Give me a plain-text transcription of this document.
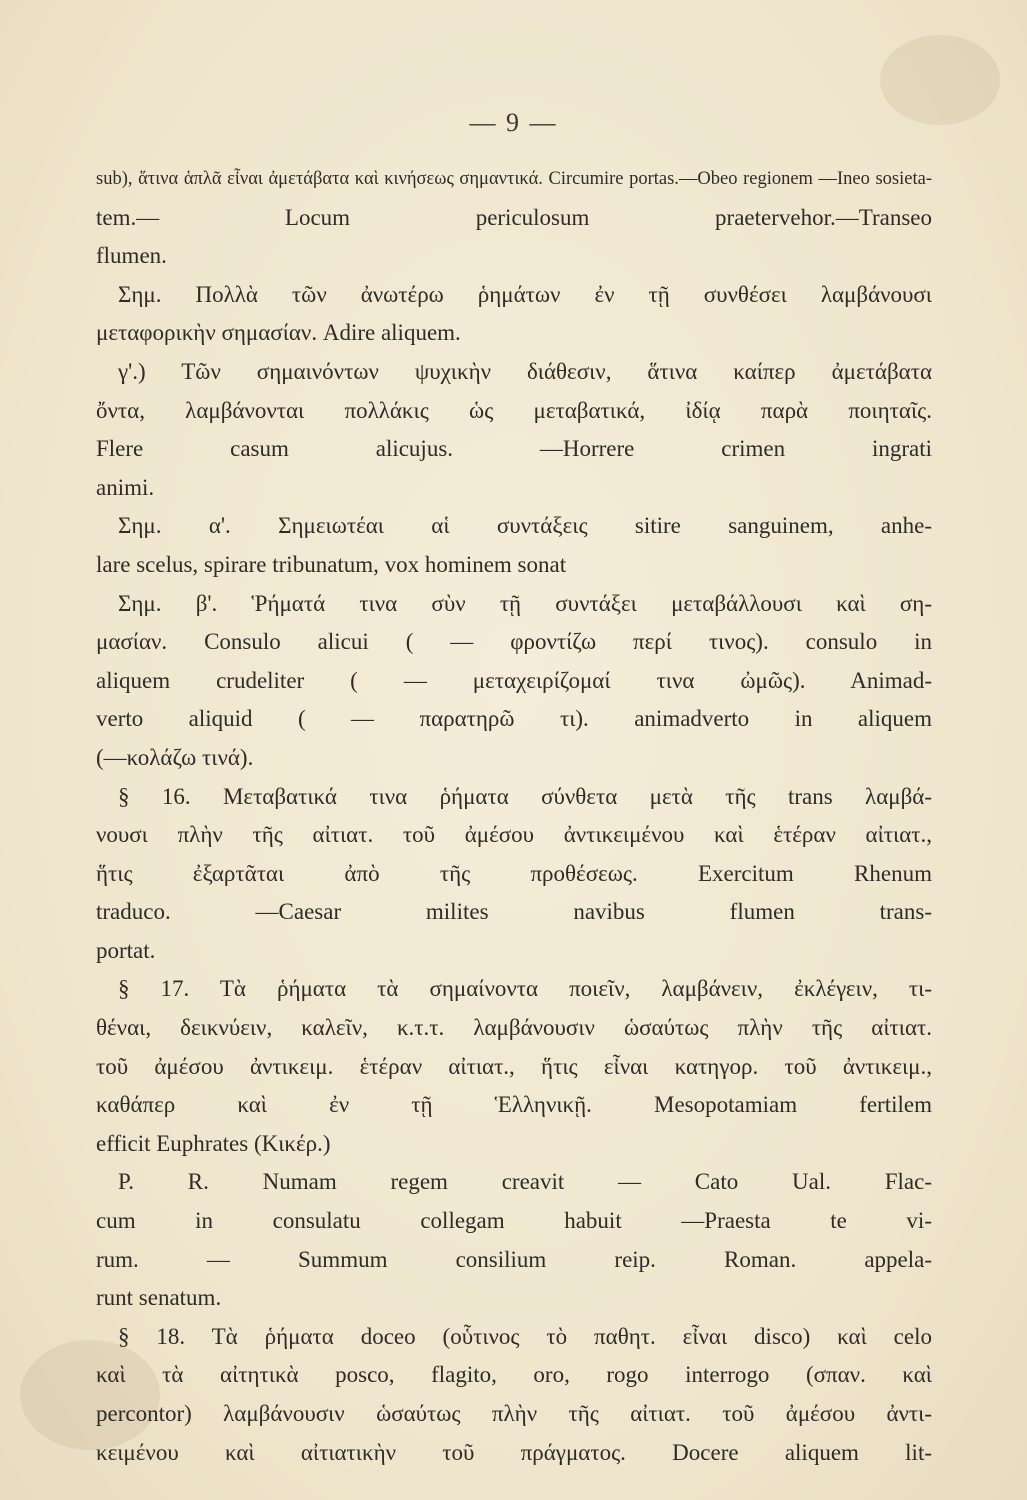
— 9 —
sub), ἅτινα ἁπλᾶ εἶναι ἀμετάβατα καὶ κινήσεως σημαντικά. Circumire portas.—Obeo regionem —Ineo sosieta-
tem.— Locum periculosum praetervehor.—Transeo
flumen.
Σημ. Πολλὰ τῶν ἀνωτέρω ῥημάτων ἐν τῇ συνθέσει λαμβάνουσι
μεταφορικὴν σημασίαν. Adire aliquem.
γ'.) Τῶν σημαινόντων ψυχικὴν διάθεσιν, ἅτινα καίπερ ἀμετάβατα
ὄντα, λαμβάνονται πολλάκις ὡς μεταβατικά, ἰδίᾳ παρὰ ποιηταῖς.
Flere casum alicujus. —Horrere crimen ingrati
animi.
Σημ. α'. Σημειωτέαι αἱ συντάξεις sitire sanguinem, anhe-
lare scelus, spirare tribunatum, vox hominem sonat
Σημ. β'. Ῥήματά τινα σὺν τῇ συντάξει μεταβάλλουσι καὶ ση-
μασίαν. Consulo alicui ( — φροντίζω περί τινος). consulo in
aliquem crudeliter ( — μεταχειρίζομαί τινα ὠμῶς). Animad-
verto aliquid ( — παρατηρῶ τι). animadverto in aliquem
(—κολάζω τινά).
§ 16. Μεταβατικά τινα ῥήματα σύνθετα μετὰ τῆς trans λαμβά-
νουσι πλὴν τῆς αἰτιατ. τοῦ ἀμέσου ἀντικειμένου καὶ ἑτέραν αἰτιατ.,
ἥτις ἐξαρτᾶται ἀπὸ τῆς προθέσεως. Exercitum Rhenum
traduco. —Caesar milites navibus flumen trans-
portat.
§ 17. Τὰ ῥήματα τὰ σημαίνοντα ποιεῖν, λαμβάνειν, ἐκλέγειν, τι-
θέναι, δεικνύειν, καλεῖν, κ.τ.τ. λαμβάνουσιν ὡσαύτως πλὴν τῆς αἰτιατ.
τοῦ ἀμέσου ἀντικειμ. ἑτέραν αἰτιατ., ἥτις εἶναι κατηγορ. τοῦ ἀντικειμ.,
καθάπερ καὶ ἐν τῇ Ἑλληνικῇ. Mesopotamiam fertilem
efficit Euphrates (Κικέρ.)
P. R. Numam regem creavit — Cato Ual. Flac-
cum in consulatu collegam habuit —Praesta te vi-
rum. — Summum consilium reip. Roman. appela-
runt senatum.
§ 18. Τὰ ῥήματα doceo (οὗτινος τὸ παθητ. εἶναι disco) καὶ celo
καὶ τὰ αἰτητικὰ posco, flagito, oro, rogo interrogo (σπαν. καὶ
percontor) λαμβάνουσιν ὡσαύτως πλὴν τῆς αἰτιατ. τοῦ ἀμέσου ἀντι-
κειμένου καὶ αἰτιατικὴν τοῦ πράγματος. Docere aliquem lit-
